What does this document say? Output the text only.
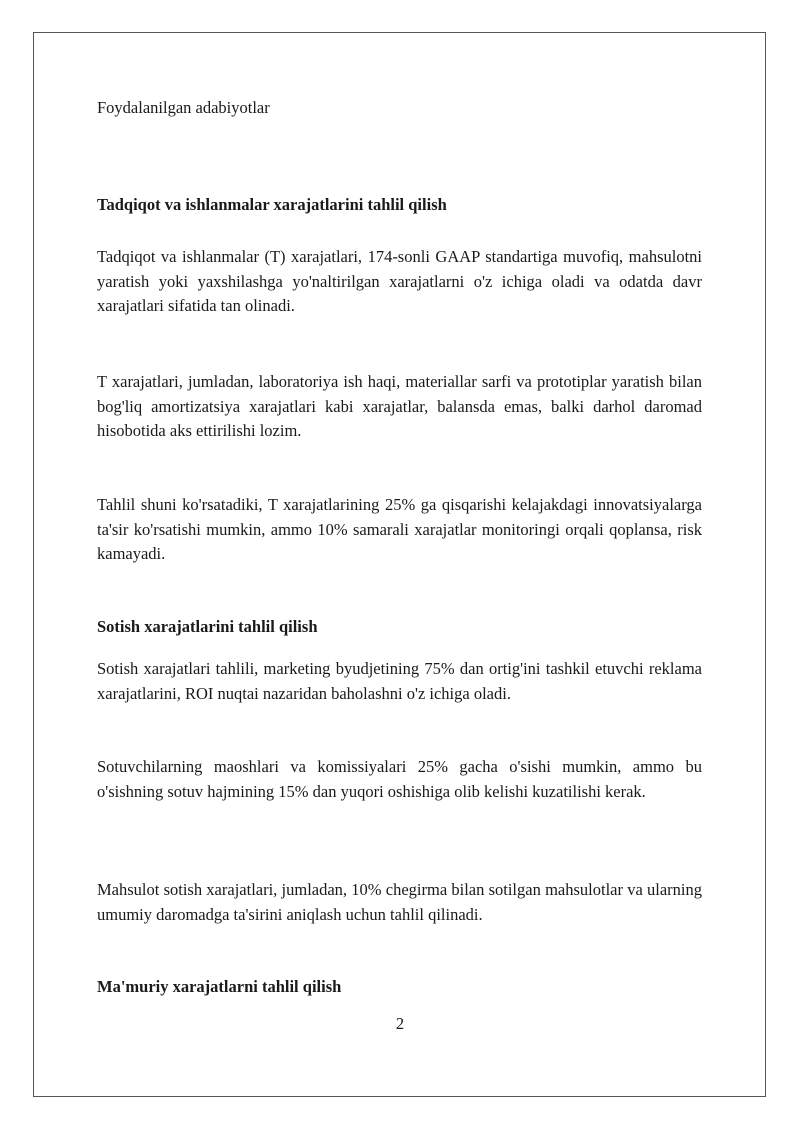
Foydalanilgan adabiyotlar

Tadqiqot va ishlanmalar xarajatlarini tahlil qilish

Tadqiqot va ishlanmalar (T) xarajatlari, 174-sonli GAAP standartiga muvofiq, mahsulotni yaratish yoki yaxshilashga yo'naltirilgan xarajatlarni o'z ichiga oladi va odatda davr xarajatlari sifatida tan olinadi.

T xarajatlari, jumladan, laboratoriya ish haqi, materiallar sarfi va prototiplar yaratish bilan bog'liq amortizatsiya xarajatlari kabi xarajatlar, balansda emas, balki darhol daromad hisobotida aks ettirilishi lozim.

Tahlil shuni ko'rsatadiki, T xarajatlarining 25% ga qisqarishi kelajakdagi innovatsiyalarga ta'sir ko'rsatishi mumkin, ammo 10% samarali xarajatlar monitoringi orqali qoplansa, risk kamayadi.

Sotish xarajatlarini tahlil qilish

Sotish xarajatlari tahlili, marketing byudjetining 75% dan ortig'ini tashkil etuvchi reklama xarajatlarini, ROI nuqtai nazaridan baholashni o'z ichiga oladi.

Sotuvchilarning maoshlari va komissiyalari 25% gacha o'sishi mumkin, ammo bu o'sishning sotuv hajmining 15% dan yuqori oshishiga olib kelishi kuzatilishi kerak.

Mahsulot sotish xarajatlari, jumladan, 10% chegirma bilan sotilgan mahsulotlar va ularning umumiy daromadga ta'sirini aniqlash uchun tahlil qilinadi.

Ma'muriy xarajatlarni tahlil qilish

2
